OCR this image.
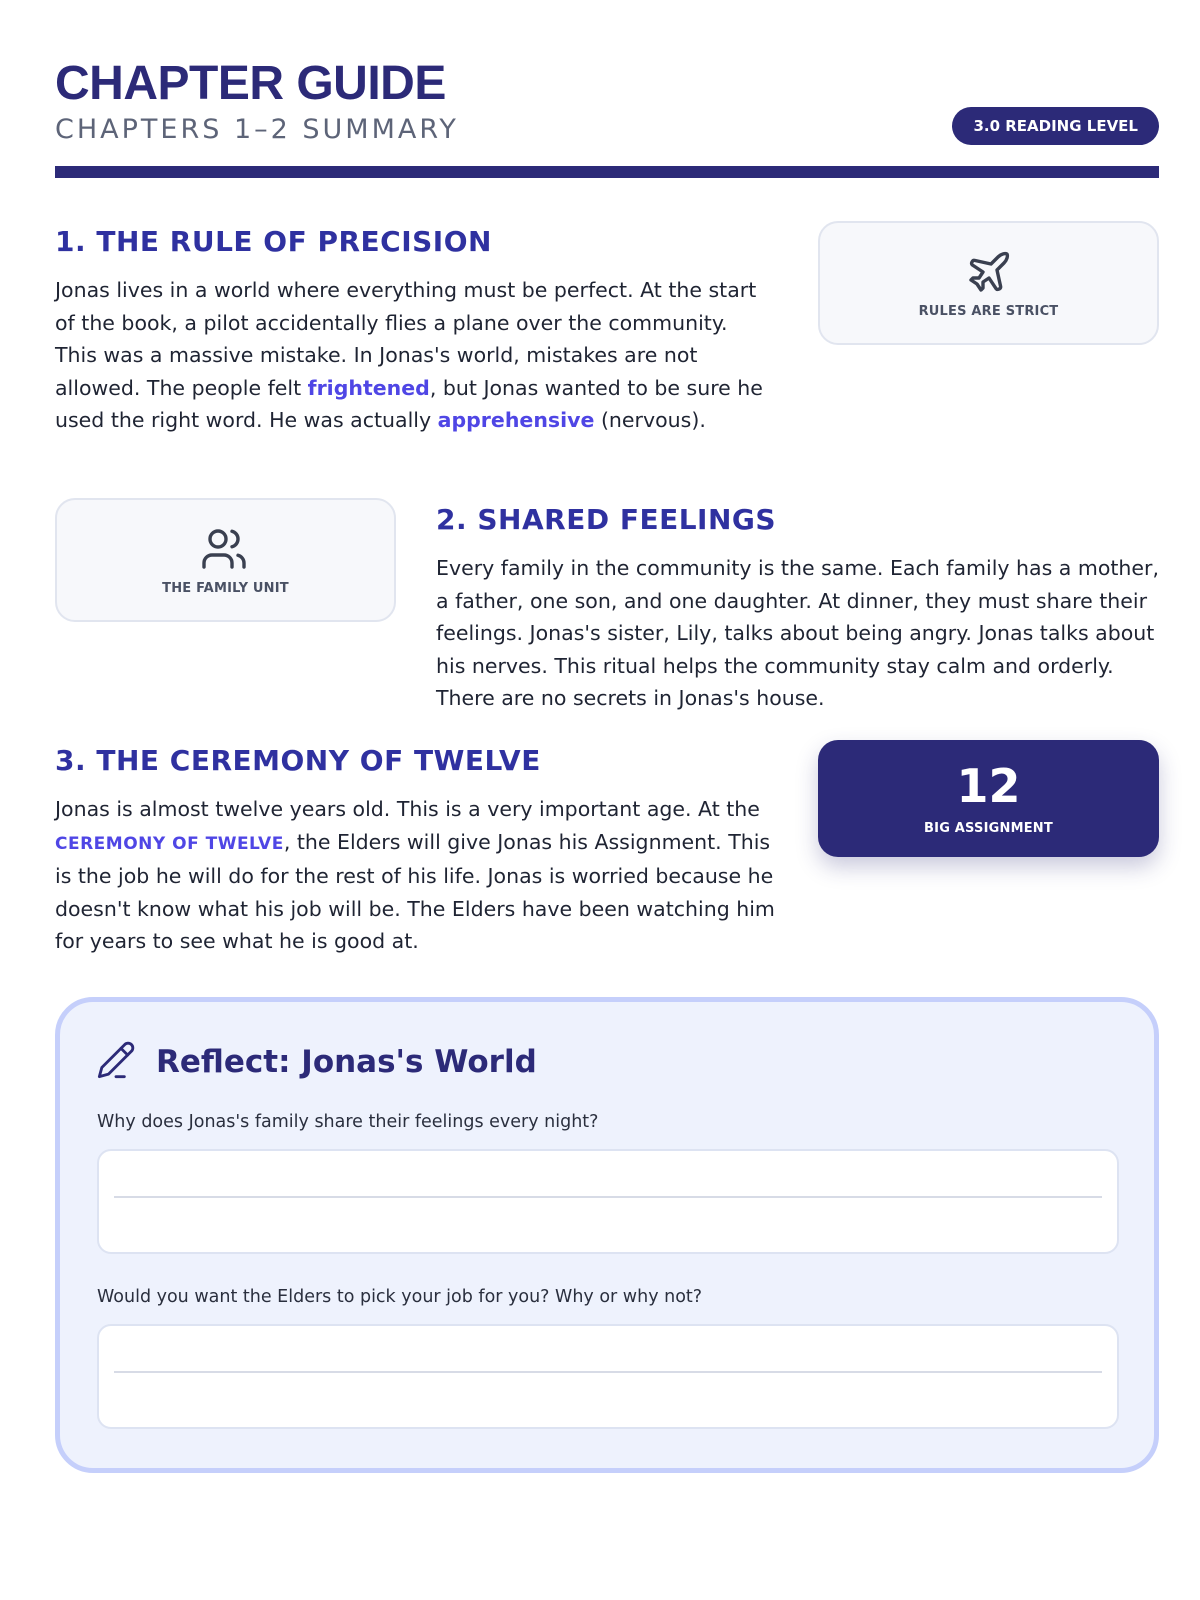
CHAPTER GUIDE
CHAPTERS 1–2 SUMMARY	3.0 READING LEVEL
1. THE RULE OF PRECISION

Jonas lives in a world where everything must be perfect. At the start of the book, a pilot accidentally flies a plane over the community. This was a massive mistake. In Jonas's world, mistakes are not allowed. The people felt frightened, but Jonas wanted to be sure he used the right word. He was actually apprehensive (nervous).

RULES ARE STRICT
THE FAMILY UNIT
2. SHARED FEELINGS

Every family in the community is the same. Each family has a mother, a father, one son, and one daughter. At dinner, they must share their feelings. Jonas's sister, Lily, talks about being angry. Jonas talks about his nerves. This ritual helps the community stay calm and orderly. There are no secrets in Jonas's house.

3. THE CEREMONY OF TWELVE

Jonas is almost twelve years old. This is a very important age. At the CEREMONY OF TWELVE, the Elders will give Jonas his Assignment. This is the job he will do for the rest of his life. Jonas is worried because he doesn't know what his job will be. The Elders have been watching him for years to see what he is good at.

12
BIG ASSIGNMENT
Reflect: Jonas's World
Why does Jonas's family share their feelings every night?
Would you want the Elders to pick your job for you? Why or why not?
